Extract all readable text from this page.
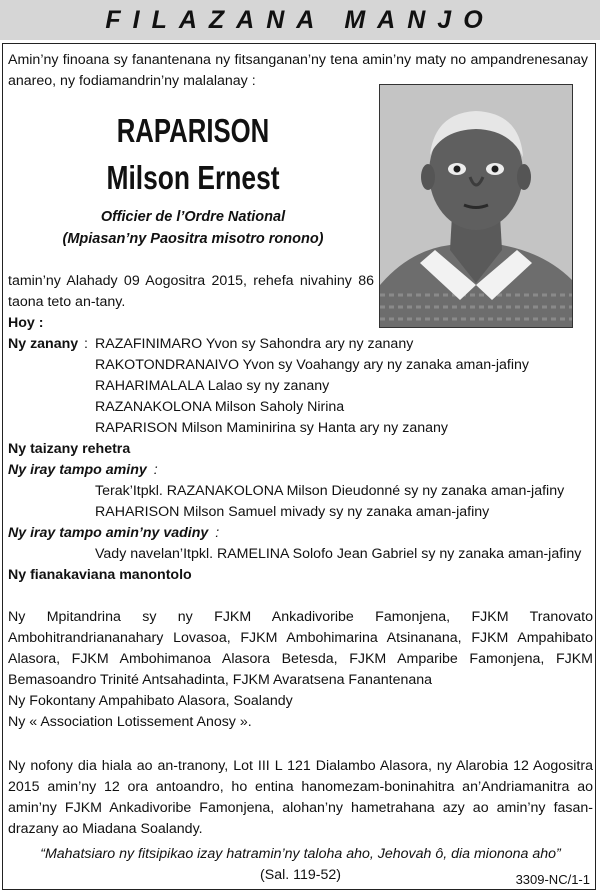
FILAZANA MANJO
Amin’ny finoana sy fanantenana ny fitsanganan’ny tena amin’ny maty no ampandrenesanay anareo, ny fodiamandrin’ny malalanay :
RAPARISON
Milson Ernest
Officier de l’Ordre National
(Mpiasan’ny Paositra misotro ronono)
tamin’ny Alahady 09 Aogositra 2015, rehefa nivahiny 86 taona teto an-tany.
Hoy :
Ny zanany : RAZAFINIMARO Yvon sy Sahondra ary ny zanany
RAKOTONDRANAIVO Yvon sy Voahangy ary ny zanaka aman-jafiny
RAHARIMALALA Lalao sy ny zanany
RAZANAKOLONA Milson Saholy Nirina
RAPARISON Milson Maminirina sy Hanta ary ny zanany
Ny taizany rehetra
Ny iray tampo aminy :
Terak’Itpkl. RAZANAKOLONA Milson Dieudonné sy ny zanaka aman-jafiny
RAHARISON Milson Samuel mivady sy ny zanaka aman-jafiny
Ny iray tampo amin’ny vadiny :
Vady navelan’Itpkl. RAMELINA Solofo Jean Gabriel sy ny zanaka aman-jafiny
Ny fianakaviana manontolo
Ny Mpitandrina sy ny FJKM Ankadivoribe Famonjena, FJKM Tranovato Ambohitrandriananahary Lovasoa, FJKM Ambohimarina Atsinanana, FJKM Ampahibato Alasora, FJKM Ambohimanoa Alasora Betesda, FJKM Amparibe Famonjena, FJKM Bemasoandro Trinité Antsahadinta, FJKM Avaratsena Fanantenana
Ny Fokontany Ampahibato Alasora, Soalandy
Ny « Association Lotissement Anosy ».
Ny nofony dia hiala ao an-tranony, Lot III L 121 Dialambo Alasora, ny Alarobia 12 Aogositra 2015 amin’ny 12 ora antoandro, ho entina hanomezam-boninahitra an’Andriamanitra ao amin’ny FJKM Ankadivoribe Famonjena, alohan’ny hametrahana azy ao amin’ny fasan-drazany ao Miadana Soalandy.
“Mahatsiaro ny fitsipikao izay hatramin’ny taloha aho, Jehovah ô, dia mionona aho”
(Sal. 119-52)	3309-NC/1-1
